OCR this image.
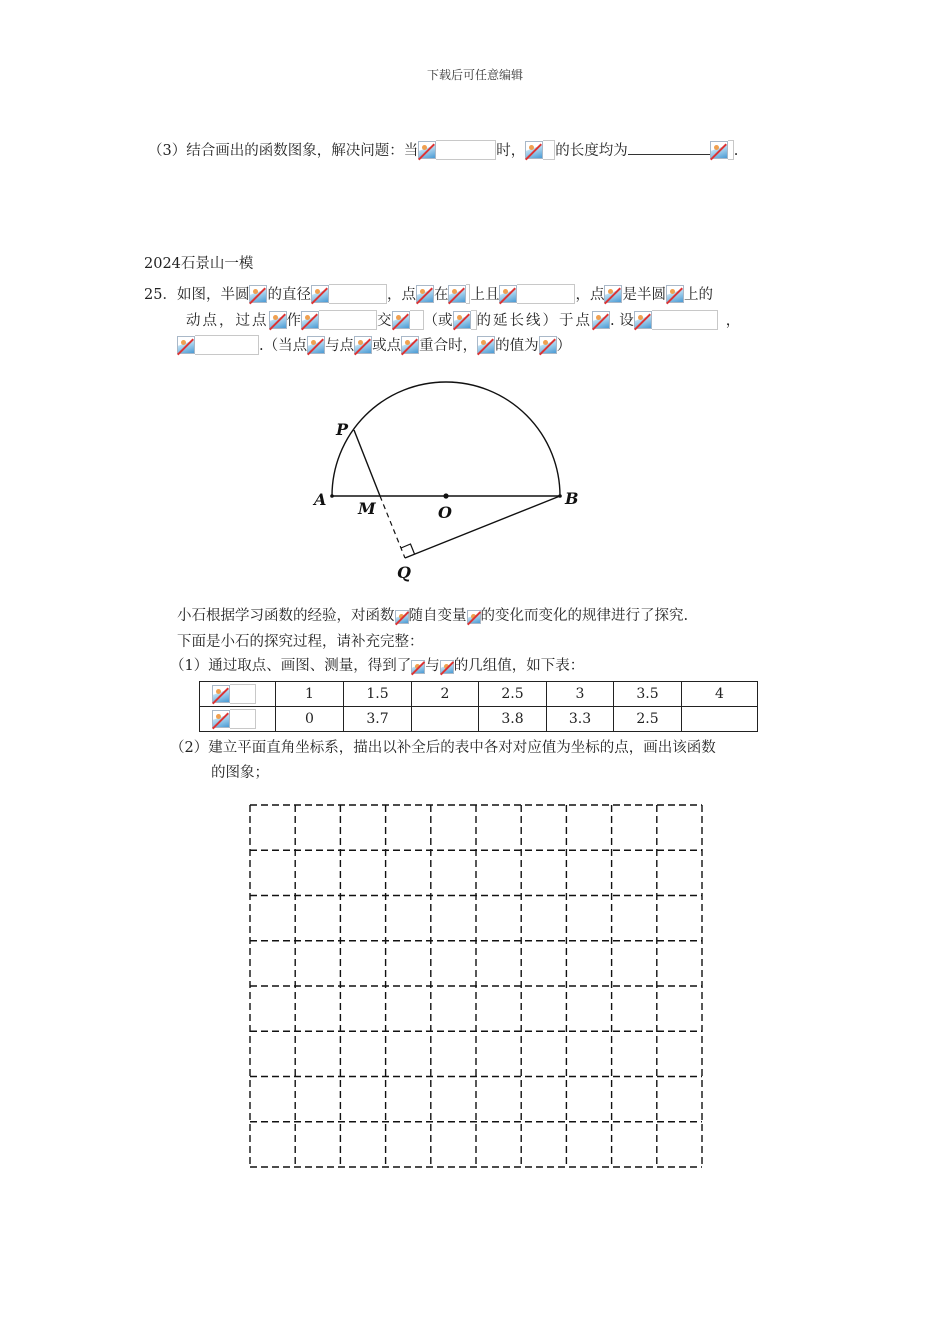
下载后可任意编辑
（3）结合画出的函数图象，解决问题：当	时， 的长度均为	.
2024石景山一模
25．如图，半圆 的直径	，点 在 上且	，点 是半圆 上的
动点，过点 作	交 （或 的延长线）于点 . 设	，
.（当点 与点 或点 重合时， 的值为 ）
P
A M	O
B
Q
小石根据学习函数的经验，对函数 随自变量 的变化而变化的规律进行了探究.
下面是小石的探究过程，请补充完整：
（1）通过取点、画图、测量，得到了 与 的几组值，如下表：
	1	1.5	2	2.5	3	3.5	4
	0	3.7		3.8	3.3	2.5	
（2）建立平面直角坐标系，描出以补全后的表中各对对应值为坐标的点，画出该函数
的图象；
